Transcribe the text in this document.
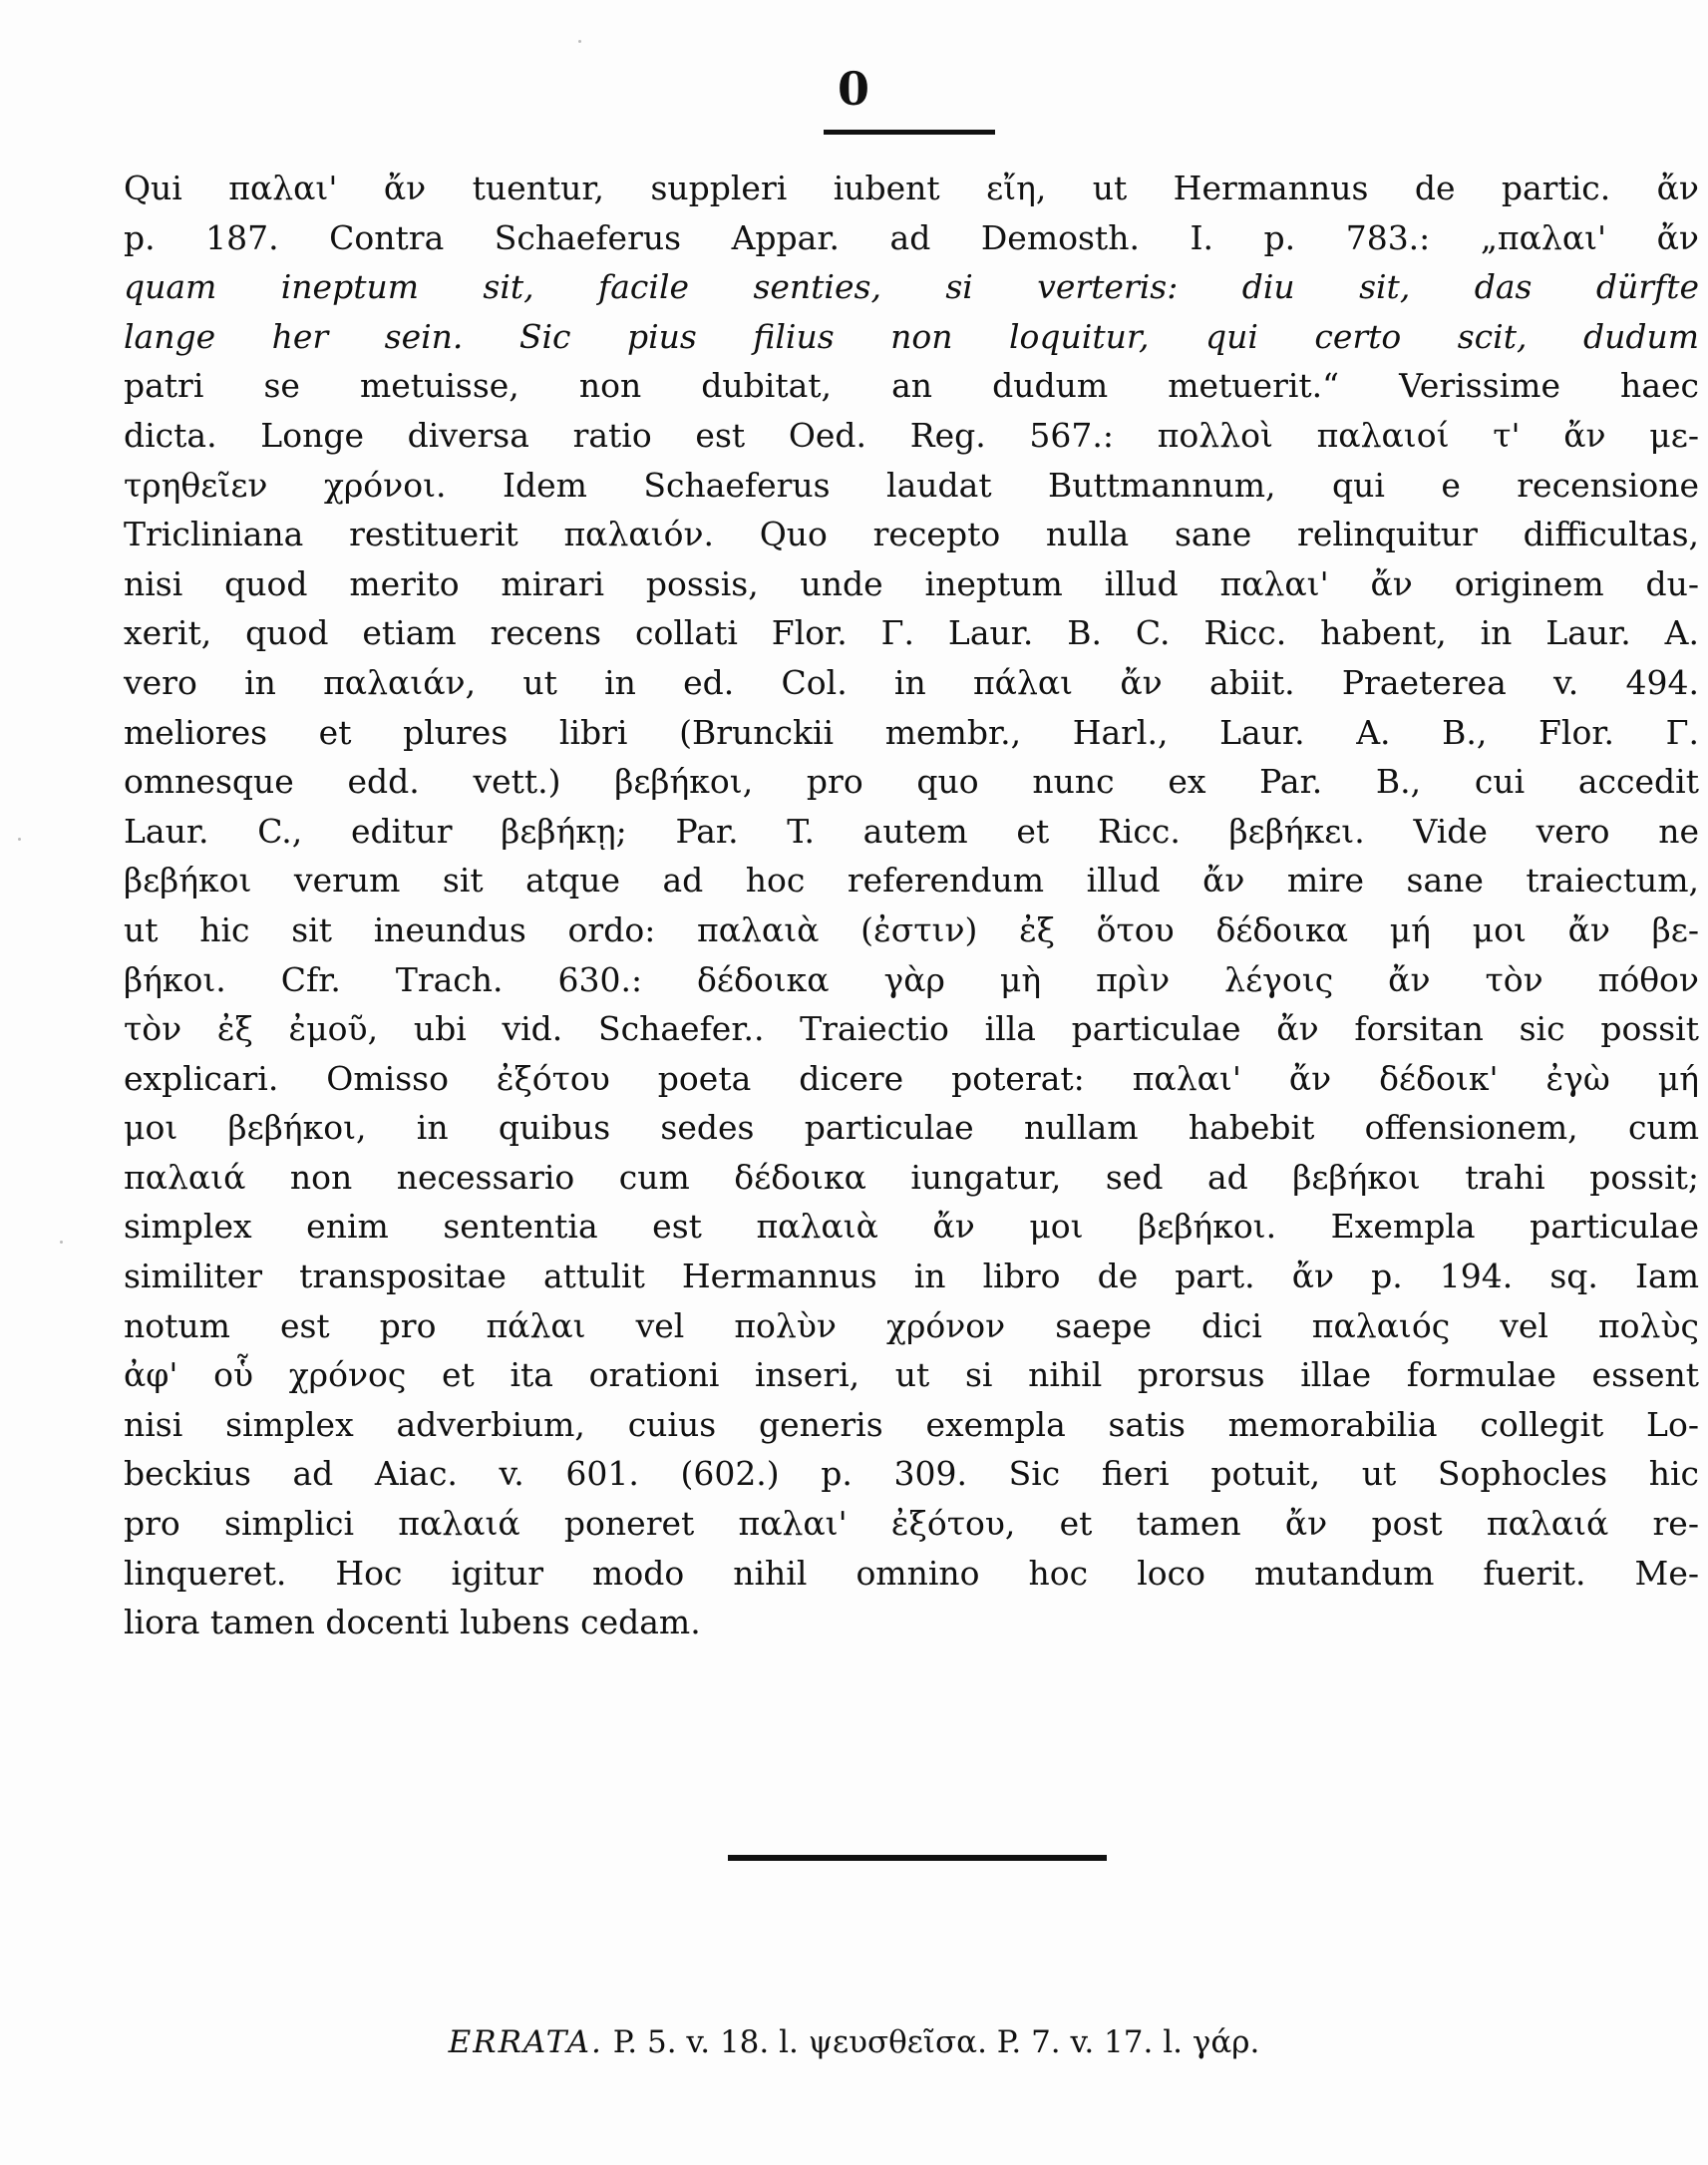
0
Qui παλαι' ἄν tuentur, suppleri iubent εἴη, ut Hermannus de partic. ἄν
p. 187. Contra Schaeferus Appar. ad Demosth. I. p. 783.: „παλαι' ἄν
quam ineptum sit, facile senties, si verteris: diu sit, das dürfte
lange her sein. Sic pius filius non loquitur, qui certo scit, dudum
patri se metuisse, non dubitat, an dudum metuerit.“ Verissime haec
dicta. Longe diversa ratio est Oed. Reg. 567.: πολλοὶ παλαιοί τ' ἄν με-
τρηθεῖεν χρόνοι. Idem Schaeferus laudat Buttmannum, qui e recensione
Tricliniana restituerit παλαιόν. Quo recepto nulla sane relinquitur difficultas,
nisi quod merito mirari possis, unde ineptum illud παλαι' ἄν originem du-
xerit, quod etiam recens collati Flor. Γ. Laur. B. C. Ricc. habent, in Laur. A.
vero in παλαιάν, ut in ed. Col. in πάλαι ἄν abiit. Praeterea v. 494.
meliores et plures libri (Brunckii membr., Harl., Laur. A. B., Flor. Γ.
omnesque edd. vett.) βεβήκοι, pro quo nunc ex Par. B., cui accedit
Laur. C., editur βεβήκῃ; Par. T. autem et Ricc. βεβήκει. Vide vero ne
βεβήκοι verum sit atque ad hoc referendum illud ἄν mire sane traiectum,
ut hic sit ineundus ordo: παλαιὰ (ἐστιν) ἐξ ὅτου δέδοικα μή μοι ἄν βε-
βήκοι. Cfr. Trach. 630.: δέδοικα γὰρ μὴ πρὶν λέγοις ἄν τὸν πόθον
τὸν ἐξ ἐμοῦ, ubi vid. Schaefer.. Traiectio illa particulae ἄν forsitan sic possit
explicari. Omisso ἐξότου poeta dicere poterat: παλαι' ἄν δέδοικ' ἐγὼ μή
μοι βεβήκοι, in quibus sedes particulae nullam habebit offensionem, cum
παλαιά non necessario cum δέδοικα iungatur, sed ad βεβήκοι trahi possit;
simplex enim sententia est παλαιὰ ἄν μοι βεβήκοι. Exempla particulae
similiter transpositae attulit Hermannus in libro de part. ἄν p. 194. sq. Iam
notum est pro πάλαι vel πολὺν χρόνον saepe dici παλαιός vel πολὺς
ἀφ' οὗ χρόνος et ita orationi inseri, ut si nihil prorsus illae formulae essent
nisi simplex adverbium, cuius generis exempla satis memorabilia collegit Lo-
beckius ad Aiac. v. 601. (602.) p. 309. Sic fieri potuit, ut Sophocles hic
pro simplici παλαιά poneret παλαι' ἐξότου, et tamen ἄν post παλαιά re-
linqueret. Hoc igitur modo nihil omnino hoc loco mutandum fuerit. Me-
liora tamen docenti lubens cedam.
ERRATA. P. 5. v. 18. l. ψευσθεῖσα. P. 7. v. 17. l. γάρ.
